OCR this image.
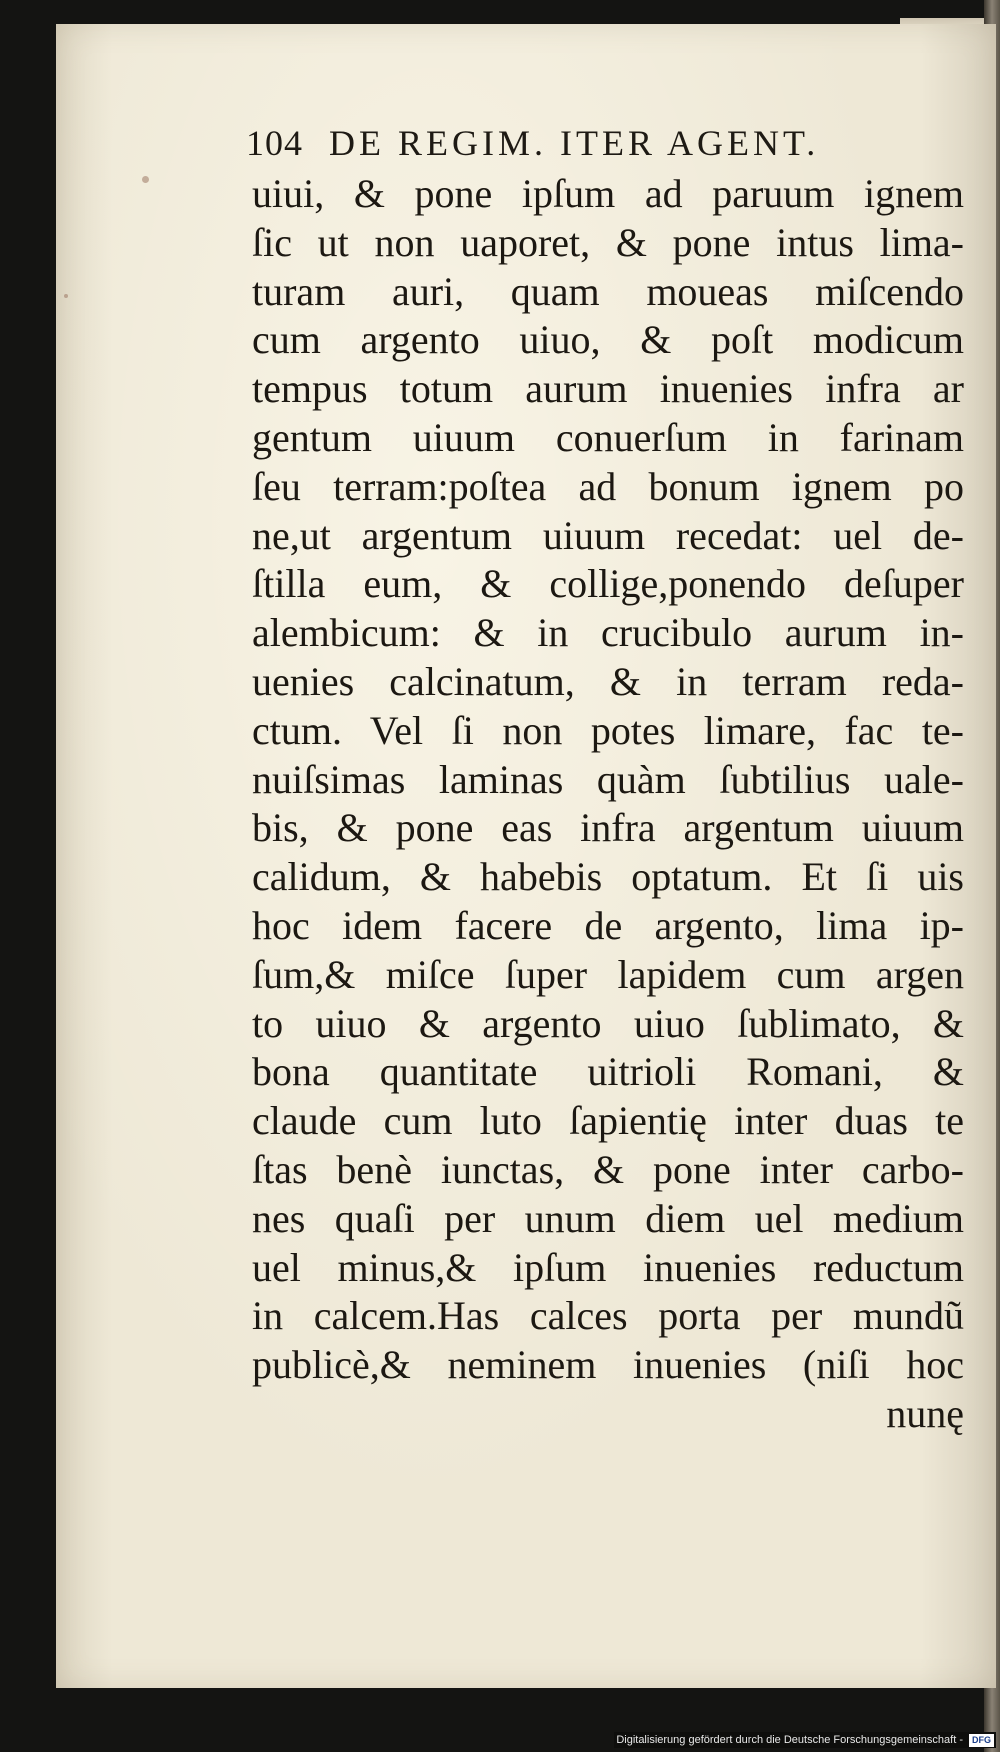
104 DE REGIM. ITER AGENT.
uiui, & pone ipſum ad paruum ignem
ſic ut non uaporet, & pone intus lima-
turam auri, quam moueas miſcendo
cum argento uiuo, & poſt modicum
tempus totum aurum inuenies infra ar
gentum uiuum conuerſum in farinam
ſeu terram:poſtea ad bonum ignem po
ne,ut argentum uiuum recedat: uel de-
ſtilla eum, & collige,ponendo deſuper
alembicum: & in crucibulo aurum in-
uenies calcinatum, & in terram reda-
ctum. Vel ſi non potes limare, fac te-
nuiſsimas laminas quàm ſubtilius uale-
bis, & pone eas infra argentum uiuum
calidum, & habebis optatum. Et ſi uis
hoc idem facere de argento, lima ip-
ſum,& miſce ſuper lapidem cum argen
to uiuo & argento uiuo ſublimato, &
bona quantitate uitrioli Romani, &
claude cum luto ſapientię inter duas te
ſtas benè iunctas, & pone inter carbo-
nes quaſi per unum diem uel medium
uel minus,& ipſum inuenies reductum
in calcem.Has calces porta per mundũ
publicè,& neminem inuenies (niſi hoc
nunę
Digitalisierung gefördert durch die Deutsche Forschungsgemeinschaft -	DFG
